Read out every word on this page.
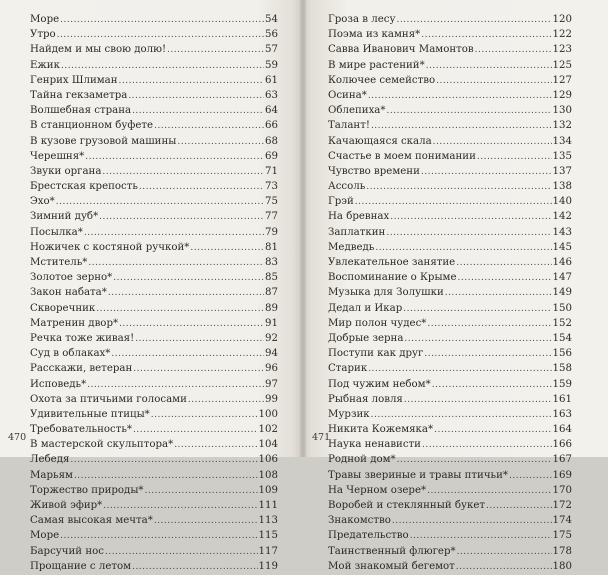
Море .....	54
Утро .....	56
Найдем и мы свою долю! .....	57
Ежик .....	59
Генрих Шлиман .....	61
Тайна гекзаметра .....	63
Волшебная страна .....	64
В станционном буфете .....	66
В кузове грузовой машины .....	68
Черешня* .....	69
Звуки органа .....	71
Брестская крепость .....	73
Эхо* .....	75
Зимний дуб* .....	77
Посылка* .....	79
Ножичек с костяной ручкой* .....	81
Мститель* .....	83
Золотое зерно* .....	85
Закон набата* .....	87
Скворечник .....	89
Матренин двор* .....	91
Речка тоже живая! .....	92
Суд в облаках* .....	94
Расскажи, ветеран .....	96
Исповедь* .....	97
Охота за птичьими голосами .....	99
Удивительные птицы* .....	100
Требовательность* .....	102
В мастерской скульптора* .....	104
Лебедя .....	106
Марьям .....	108
Торжество природы* .....	109
Живой эфир* .....	111
Самая высокая мечта* .....	113
Море .....	115
Барсучий нос .....	117
Прощание с летом .....	119
470
Гроза в лесу .....	120
Поэма из камня* .....	122
Савва Иванович Мамонтов .....	123
В мире растений* .....	125
Колючее семейство .....	127
Осина* .....	129
Облепиха* .....	130
Талант! .....	132
Качающаяся скала .....	134
Счастье в моем понимании .....	135
Чувство времени .....	137
Ассоль .....	138
Грэй .....	140
На бревнах .....	142
Заплаткин .....	143
Медведь .....	145
Увлекательное занятие .....	146
Воспоминание о Крыме .....	147
Музыка для Золушки .....	149
Дедал и Икар .....	150
Мир полон чудес* .....	152
Добрые зерна .....	154
Поступи как друг .....	156
Старик .....	158
Под чужим небом* .....	159
Рыбная ловля .....	161
Мурзик .....	163
Никита Кожемяка* .....	164
Наука ненависти .....	166
Родной дом* .....	167
Травы звериные и травы птичьи* .....	169
На Черном озере* .....	170
Воробей и стеклянный букет .....	172
Знакомство .....	174
Предательство .....	175
Таинственный флюгер* .....	178
Мой знакомый бегемот .....	180
471
